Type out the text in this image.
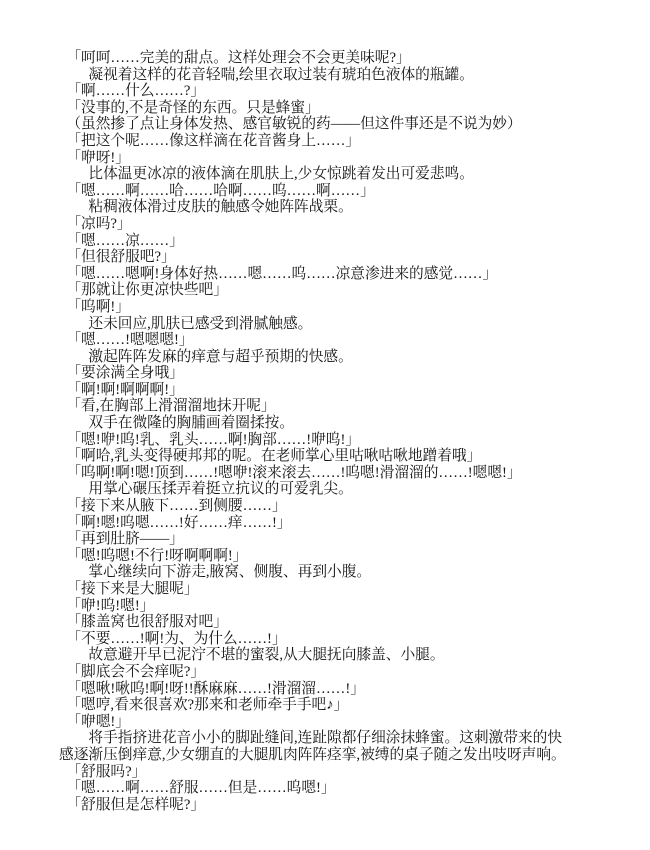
　「呵呵……完美的甜点。这样处理会不会更美味呢?」
　　凝视着这样的花音轻喘,绘里衣取过装有琥珀色液体的瓶罐。
　「啊……什么……?」
　「没事的,不是奇怪的东西。只是蜂蜜」
　（虽然掺了点让身体发热、感官敏锐的药——但这件事还是不说为妙）
　「把这个呢……像这样滴在花音酱身上……」
　「咿呀!」
　　比体温更冰凉的液体滴在肌肤上,少女惊跳着发出可爱悲鸣。
　「嗯……啊……哈……哈啊……呜……啊……」
　　粘稠液体滑过皮肤的触感令她阵阵战栗。
　「凉吗?」
　「嗯……凉……」
　「但很舒服吧?」
　「嗯……嗯啊!身体好热……嗯……呜……凉意渗进来的感觉……」
　「那就让你更凉快些吧」
　「呜啊!」
　　还未回应,肌肤已感受到滑腻触感。
　「嗯……!嗯嗯嗯!」
　　激起阵阵发麻的痒意与超乎预期的快感。
　「要涂满全身哦」
　「啊!啊!啊啊啊!」
　「看,在胸部上滑溜溜地抹开呢」
　　双手在微隆的胸脯画着圈揉按。
　「嗯!咿!呜!乳、乳头……啊!胸部……!咿呜!」
　「啊哈,乳头变得硬邦邦的呢。在老师掌心里咕啾咕啾地蹭着哦」
　「呜啊!啊!嗯!顶到……!嗯咿!滚来滚去……!呜嗯!滑溜溜的……!嗯嗯!」
　　用掌心碾压揉弄着挺立抗议的可爱乳尖。
　「接下来从腋下……到侧腰……」
　「啊!嗯!呜嗯……!好……痒……!」
　「再到肚脐——」
　「嗯!呜嗯!不行!呀啊啊啊!」
　　掌心继续向下游走,腋窝、侧腹、再到小腹。
　「接下来是大腿呢」
　「咿!呜!嗯!」
　「膝盖窝也很舒服对吧」
　「不要……!啊!为、为什么……!」
　　故意避开早已泥泞不堪的蜜裂,从大腿抚向膝盖、小腿。
　「脚底会不会痒呢?」
　「嗯啾!啾呜!啊!呀!!酥麻麻……!滑溜溜……!」
　「嗯哼,看来很喜欢?那来和老师牵手手吧♪」
　「咿嗯!」
　　将手指挤进花音小小的脚趾缝间,连趾隙都仔细涂抹蜂蜜。这刺激带来的快
感逐渐压倒痒意,少女绷直的大腿肌肉阵阵痉挛,被缚的桌子随之发出吱呀声响。
　「舒服吗?」
　「嗯……啊……舒服……但是……呜嗯!」
　「舒服但是怎样呢?」
